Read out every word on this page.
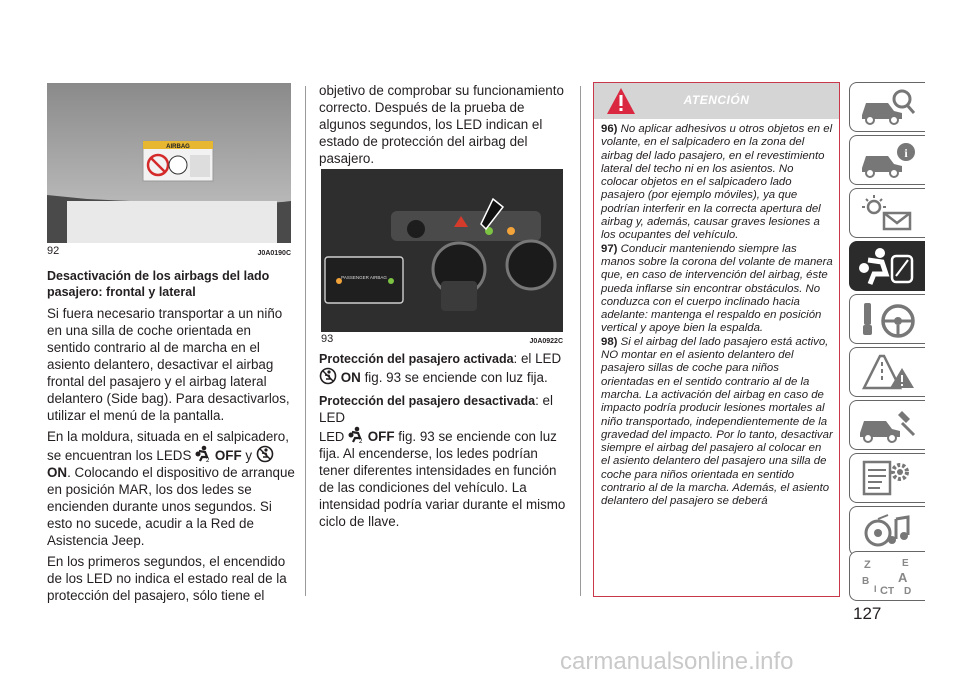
AIRBAG
92	J0A0190C
Desactivación de los airbags del lado pasajero: frontal y lateral

Si fuera necesario transportar a un niño en una silla de coche orientada en sentido contrario al de marcha en el asiento delantero, desactivar el airbag frontal del pasajero y el airbag lateral delantero (Side bag). Para desactivarlos, utilizar el menú de la pantalla.

En la moldura, situada en el salpicadero, se encuentran los LEDS 2 OFF y
ON. Colocando el dispositivo de arranque en posición MAR, los dos ledes se encienden durante unos segundos. Si esto no sucede, acudir a la Red de Asistencia Jeep.

En los primeros segundos, el encendido de los LED no indica el estado real de la protección del pasajero, sólo tiene el

objetivo de comprobar su funcionamiento correcto. Después de la prueba de algunos segundos, los LED indican el estado de protección del airbag del pasajero.
PASSENGER AIRBAG
93	J0A0922C

Protección del pasajero activada: el LED
ON fig. 93 se enciende con luz fija.

Protección del pasajero desactivada: el LED
LED 2 OFF fig. 93 se enciende con luz fija. Al encenderse, los ledes podrían tener diferentes intensidades en función de las condiciones del vehículo. La intensidad podría variar durante el mismo ciclo de llave.

ATENCIÓN
96) No aplicar adhesivos u otros objetos en el volante, en el salpicadero en la zona del airbag del lado pasajero, en el revestimiento lateral del techo ni en los asientos. No colocar objetos en el salpicadero lado pasajero (por ejemplo móviles), ya que podrían interferir en la correcta apertura del airbag y, además, causar graves lesiones a los ocupantes del vehículo.
97) Conducir manteniendo siempre las manos sobre la corona del volante de manera que, en caso de intervención del airbag, éste pueda inflarse sin encontrar obstáculos. No conduzca con el cuerpo inclinado hacia adelante: mantenga el respaldo en posición vertical y apoye bien la espalda.
98) Si el airbag del lado pasajero está activo, NO montar en el asiento delantero del pasajero sillas de coche para niños orientadas en el sentido contrario al de la marcha. La activación del airbag en caso de impacto podría producir lesiones mortales al niño transportado, independientemente de la gravedad del impacto. Por lo tanto, desactivar siempre el airbag del pasajero al colocar en el asiento delantero del pasajero una silla de coche para niños orientada en sentido contrario al de la marcha. Además, el asiento delantero del pasajero se deberá
i
Z	E
B A
C D
I T
127
carmanualsonline.info
